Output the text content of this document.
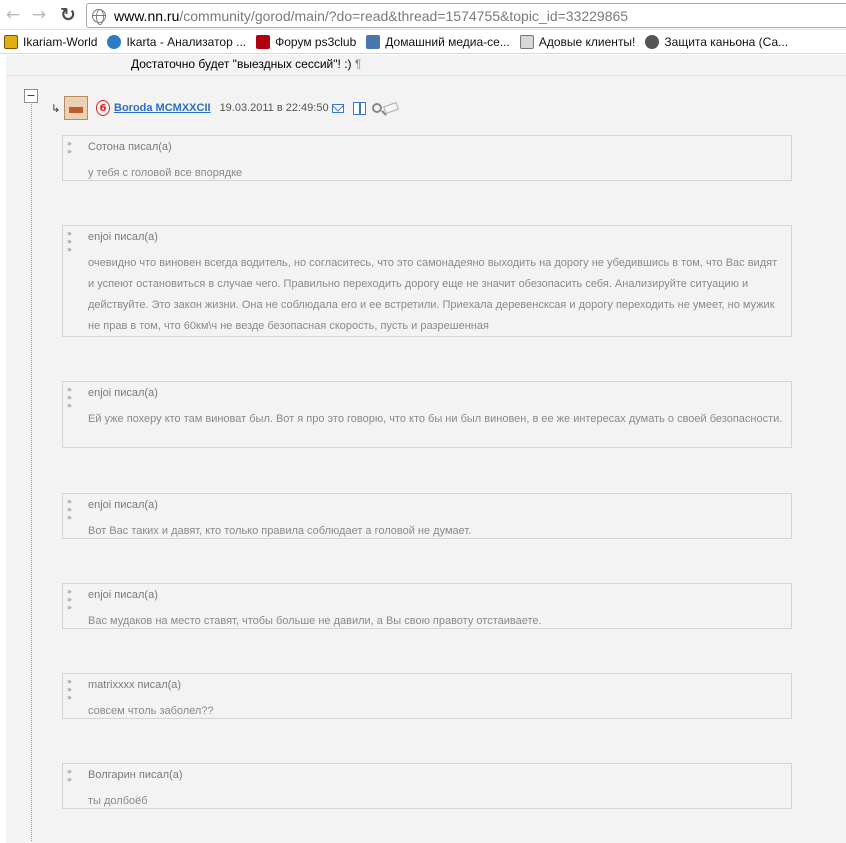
← → ↻	www.nn.ru/community/gorod/main/?do=read&thread=1574755&topic_id=33229865
Ikariam-World Ikarta - Анализатор ... Форум ps3club Домашний медиа-се... Адовые клиенты! Защита каньона (Са...
Достаточно будет "выездных сессий"! :) ¶
−
↳	6 Boroda MCMXXCII 19.03.2011 в 22:49:50
»
»	Сотона писал(а)
у тебя с головой все впорядке
»
»
»
enjoi писал(а)
очевидно что виновен всегда водитель, но согласитесь, что это самонадеяно выходить на дорогу не убедившись в том, что Вас видят и успеют остановиться в случае чего. Правильно переходить дорогу еще не значит обезопасить себя. Анализируйте ситуацию и действуйте. Это закон жизни. Она не соблюдала его и ее встретили. Приехала деревенсксая и дорогу переходить не умеет, но мужик не прав в том, что 60км\ч не везде безопасная скорость, пусть и разрешенная
»
»
»
enjoi писал(а)
Ей уже похеру кто там виноват был. Вот я про это говорю, что кто бы ни был виновен, в ее же интересах думать о своей безопасности.
»
»
»
enjoi писал(а)
Вот Вас таких и давят, кто только правила соблюдает а головой не думает.
»
»
»
enjoi писал(а)
Вас мудаков на место ставят, чтобы больше не давили, а Вы свою правоту отстаиваете.
»
»
»
matrixxxx писал(а)
совсем чтоль заболел??
»
»	Волгарин писал(а)
ты долбоёб
